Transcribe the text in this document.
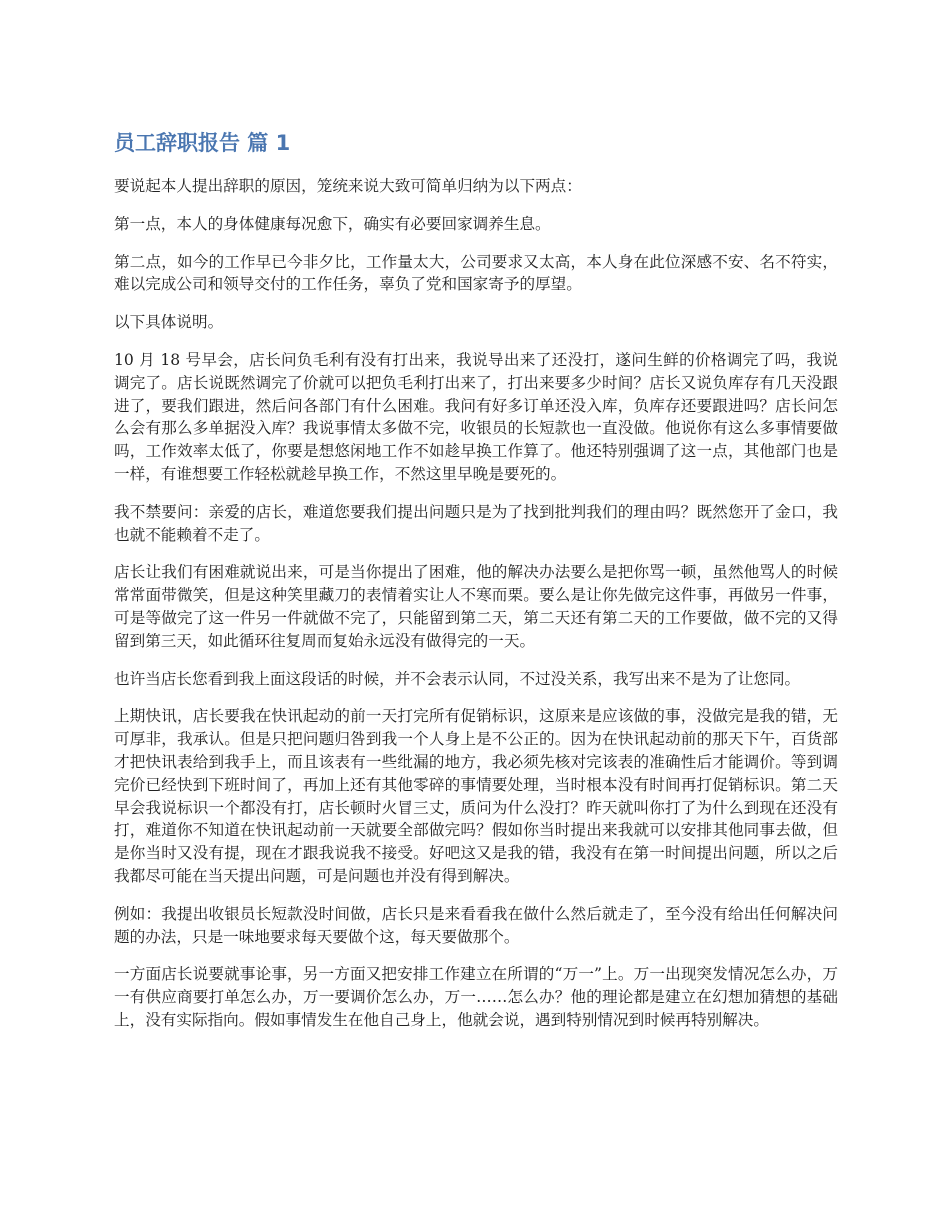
员工辞职报告 篇 1

要说起本人提出辞职的原因，笼统来说大致可简单归纳为以下两点：

第一点，本人的身体健康每况愈下，确实有必要回家调养生息。

第二点，如今的工作早已今非夕比，工作量太大，公司要求又太高，本人身在此位深感不安、名不符实，难以完成公司和领导交付的工作任务，辜负了党和国家寄予的厚望。

以下具体说明。

10 月 18 号早会，店长问负毛利有没有打出来，我说导出来了还没打，遂问生鲜的价格调完了吗，我说调完了。店长说既然调完了价就可以把负毛利打出来了，打出来要多少时间？店长又说负库存有几天没跟进了，要我们跟进，然后问各部门有什么困难。我问有好多订单还没入库，负库存还要跟进吗？店长问怎么会有那么多单据没入库？我说事情太多做不完，收银员的长短款也一直没做。他说你有这么多事情要做吗，工作效率太低了，你要是想悠闲地工作不如趁早换工作算了。他还特别强调了这一点，其他部门也是一样，有谁想要工作轻松就趁早换工作，不然这里早晚是要死的。

我不禁要问：亲爱的店长，难道您要我们提出问题只是为了找到批判我们的理由吗？既然您开了金口，我也就不能赖着不走了。

店长让我们有困难就说出来，可是当你提出了困难，他的解决办法要么是把你骂一顿，虽然他骂人的时候常常面带微笑，但是这种笑里藏刀的表情着实让人不寒而栗。要么是让你先做完这件事，再做另一件事，可是等做完了这一件另一件就做不完了，只能留到第二天，第二天还有第二天的工作要做，做不完的又得留到第三天，如此循环往复周而复始永远没有做得完的一天。

也许当店长您看到我上面这段话的时候，并不会表示认同，不过没关系，我写出来不是为了让您同。

上期快讯，店长要我在快讯起动的前一天打完所有促销标识，这原来是应该做的事，没做完是我的错，无可厚非，我承认。但是只把问题归咎到我一个人身上是不公正的。因为在快讯起动前的那天下午，百货部才把快讯表给到我手上，而且该表有一些纰漏的地方，我必须先核对完该表的准确性后才能调价。等到调完价已经快到下班时间了，再加上还有其他零碎的事情要处理，当时根本没有时间再打促销标识。第二天早会我说标识一个都没有打，店长顿时火冒三丈，质问为什么没打？昨天就叫你打了为什么到现在还没有打，难道你不知道在快讯起动前一天就要全部做完吗？假如你当时提出来我就可以安排其他同事去做，但是你当时又没有提，现在才跟我说我不接受。好吧这又是我的错，我没有在第一时间提出问题，所以之后我都尽可能在当天提出问题，可是问题也并没有得到解决。

例如：我提出收银员长短款没时间做，店长只是来看看我在做什么然后就走了，至今没有给出任何解决问题的办法，只是一味地要求每天要做个这，每天要做那个。

一方面店长说要就事论事，另一方面又把安排工作建立在所谓的“万一”上。万一出现突发情况怎么办，万一有供应商要打单怎么办，万一要调价怎么办，万一……怎么办？他的理论都是建立在幻想加猜想的基础上，没有实际指向。假如事情发生在他自己身上，他就会说，遇到特别情况到时候再特别解决。
